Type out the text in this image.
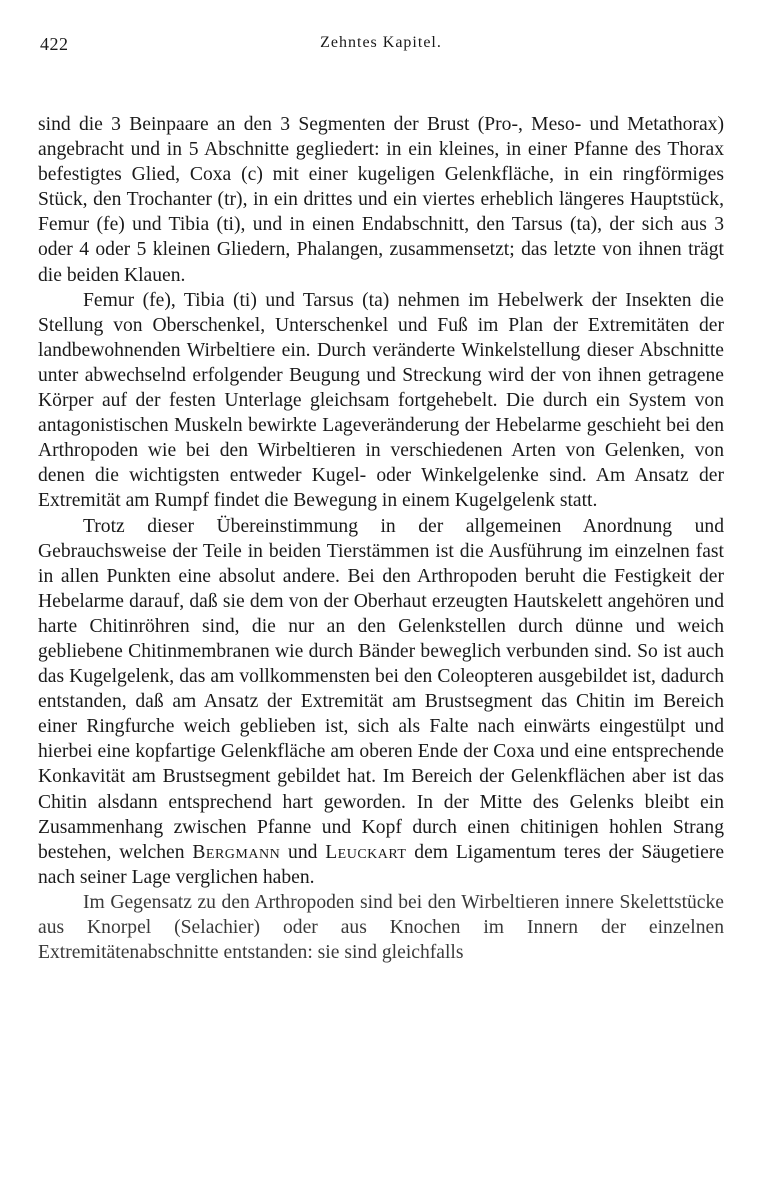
422	Zehntes Kapitel.

sind die 3 Beinpaare an den 3 Segmenten der Brust (Pro-, Meso- und Metathorax) angebracht und in 5 Abschnitte gegliedert: in ein kleines, in einer Pfanne des Thorax befestigtes Glied, Coxa (c) mit einer kugeligen Gelenkfläche, in ein ringförmiges Stück, den Trochanter (tr), in ein drittes und ein viertes erheblich längeres Hauptstück, Femur (fe) und Tibia (ti), und in einen Endabschnitt, den Tarsus (ta), der sich aus 3 oder 4 oder 5 kleinen Gliedern, Phalangen, zusammensetzt; das letzte von ihnen trägt die beiden Klauen.

Femur (fe), Tibia (ti) und Tarsus (ta) nehmen im Hebelwerk der Insekten die Stellung von Oberschenkel, Unterschenkel und Fuß im Plan der Extremitäten der landbewohnenden Wirbeltiere ein. Durch veränderte Winkelstellung dieser Abschnitte unter abwechselnd erfolgender Beugung und Streckung wird der von ihnen getragene Körper auf der festen Unterlage gleichsam fortgehebelt. Die durch ein System von antagonistischen Muskeln bewirkte Lageveränderung der Hebelarme geschieht bei den Arthropoden wie bei den Wirbeltieren in verschiedenen Arten von Gelenken, von denen die wichtigsten entweder Kugel- oder Winkelgelenke sind. Am Ansatz der Extremität am Rumpf findet die Bewegung in einem Kugelgelenk statt.

Trotz dieser Übereinstimmung in der allgemeinen Anordnung und Gebrauchsweise der Teile in beiden Tierstämmen ist die Ausführung im einzelnen fast in allen Punkten eine absolut andere. Bei den Arthropoden beruht die Festigkeit der Hebelarme darauf, daß sie dem von der Oberhaut erzeugten Hautskelett angehören und harte Chitinröhren sind, die nur an den Gelenkstellen durch dünne und weich gebliebene Chitinmembranen wie durch Bänder beweglich verbunden sind. So ist auch das Kugelgelenk, das am vollkommensten bei den Coleopteren ausgebildet ist, dadurch entstanden, daß am Ansatz der Extremität am Brustsegment das Chitin im Bereich einer Ringfurche weich geblieben ist, sich als Falte nach einwärts eingestülpt und hierbei eine kopfartige Gelenkfläche am oberen Ende der Coxa und eine entsprechende Konkavität am Brustsegment gebildet hat. Im Bereich der Gelenkflächen aber ist das Chitin alsdann entsprechend hart geworden. In der Mitte des Gelenks bleibt ein Zusammenhang zwischen Pfanne und Kopf durch einen chitinigen hohlen Strang bestehen, welchen Bergmann und Leuckart dem Ligamentum teres der Säugetiere nach seiner Lage verglichen haben.

Im Gegensatz zu den Arthropoden sind bei den Wirbeltieren innere Skelettstücke aus Knorpel (Selachier) oder aus Knochen im Innern der einzelnen Extremitätenabschnitte entstanden: sie sind gleichfalls
